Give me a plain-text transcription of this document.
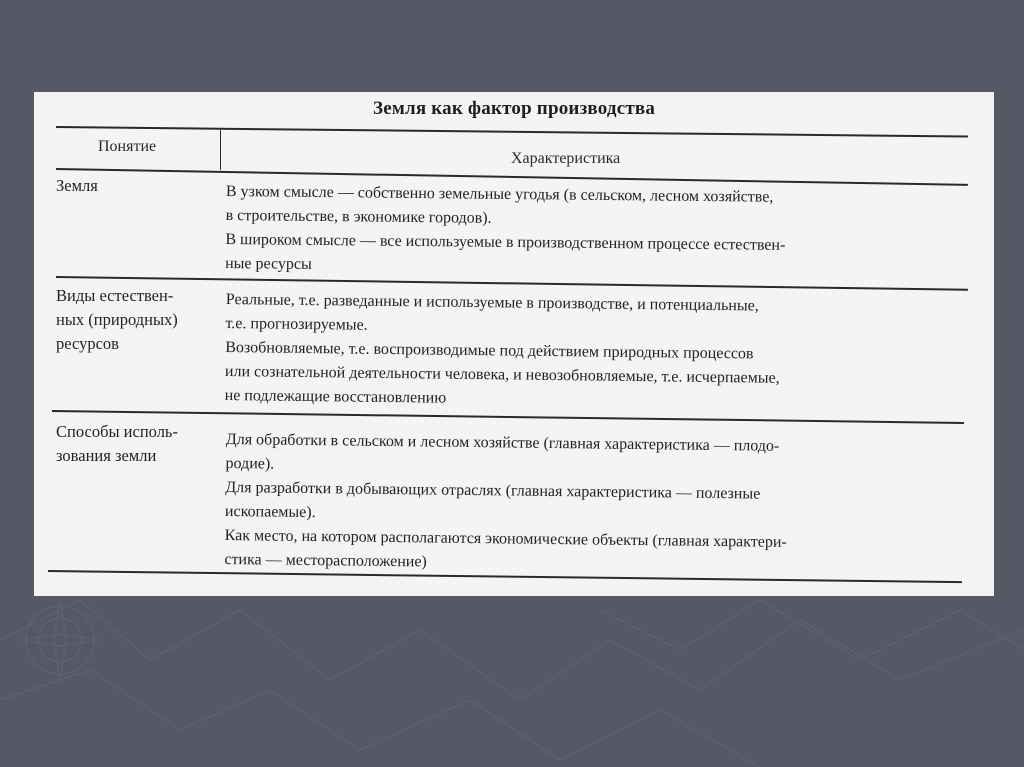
Земля как фактор производства
Понятие
Характеристика
Земля	В узком смысле — собственно земельные угодья (в сельском, лесном хозяйстве,
в строительстве, в экономике городов).
В широком смысле — все используемые в производственном процессе естествен-
ные ресурсы
Виды естествен-
ных (природных)
ресурсов
Реальные, т.е. разведанные и используемые в производстве, и потенциальные,
т.е. прогнозируемые.
Возобновляемые, т.е. воспроизводимые под действием природных процессов
или сознательной деятельности человека, и невозобновляемые, т.е. исчерпаемые,
не подлежащие восстановлению
Способы исполь-
зования земли
Для обработки в сельском и лесном хозяйстве (главная характеристика — плодо-
родие).
Для разработки в добывающих отраслях (главная характеристика — полезные
ископаемые).
Как место, на котором располагаются экономические объекты (главная характери-
стика — месторасположение)
